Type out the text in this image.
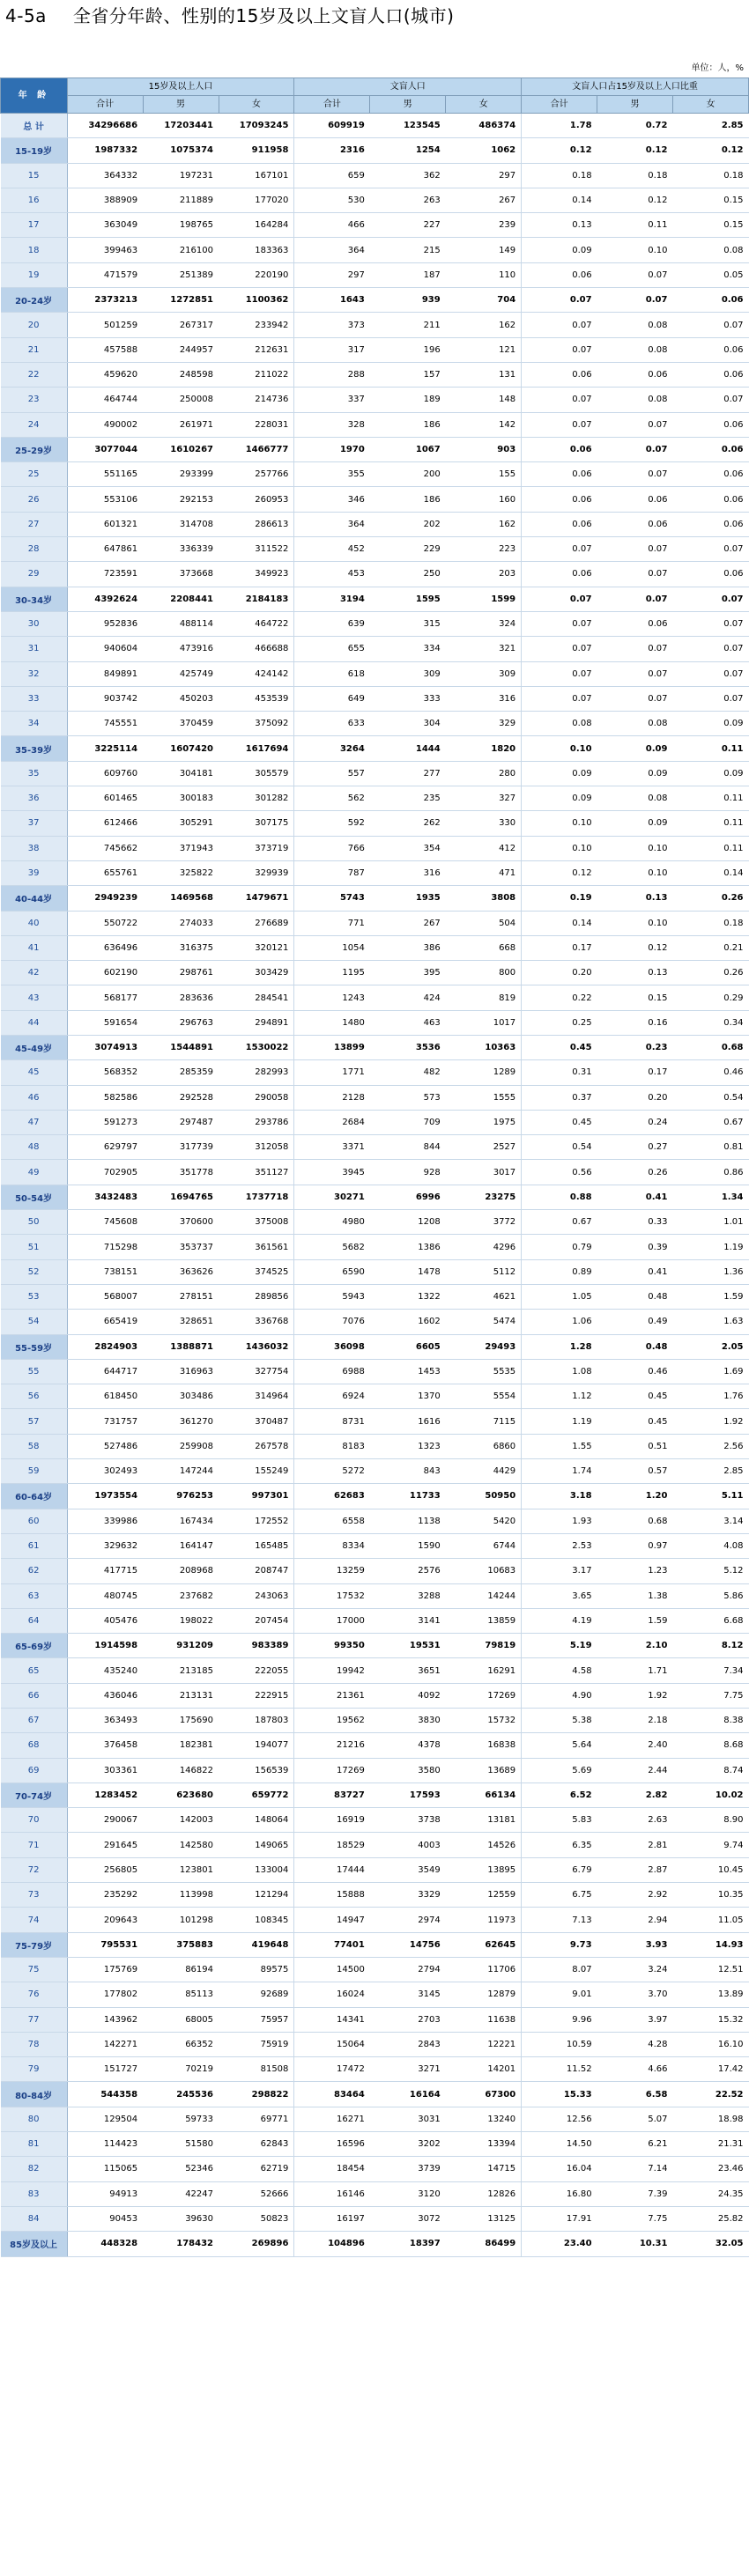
4-5a 全省分年龄、性别的15岁及以上文盲人口(城市)
单位：人，%
年 龄	15岁及以上人口			文盲人口			文盲人口占15岁及以上人口比重		
	合计	男	女	合计	男	女	合计	男	女
总 计	34296686	17203441	17093245	609919	123545	486374	1.78	0.72	2.85
15-19岁	1987332	1075374	911958	2316	1254	1062	0.12	0.12	0.12
15	364332	197231	167101	659	362	297	0.18	0.18	0.18
16	388909	211889	177020	530	263	267	0.14	0.12	0.15
17	363049	198765	164284	466	227	239	0.13	0.11	0.15
18	399463	216100	183363	364	215	149	0.09	0.10	0.08
19	471579	251389	220190	297	187	110	0.06	0.07	0.05
20-24岁	2373213	1272851	1100362	1643	939	704	0.07	0.07	0.06
20	501259	267317	233942	373	211	162	0.07	0.08	0.07
21	457588	244957	212631	317	196	121	0.07	0.08	0.06
22	459620	248598	211022	288	157	131	0.06	0.06	0.06
23	464744	250008	214736	337	189	148	0.07	0.08	0.07
24	490002	261971	228031	328	186	142	0.07	0.07	0.06
25-29岁	3077044	1610267	1466777	1970	1067	903	0.06	0.07	0.06
25	551165	293399	257766	355	200	155	0.06	0.07	0.06
26	553106	292153	260953	346	186	160	0.06	0.06	0.06
27	601321	314708	286613	364	202	162	0.06	0.06	0.06
28	647861	336339	311522	452	229	223	0.07	0.07	0.07
29	723591	373668	349923	453	250	203	0.06	0.07	0.06
30-34岁	4392624	2208441	2184183	3194	1595	1599	0.07	0.07	0.07
30	952836	488114	464722	639	315	324	0.07	0.06	0.07
31	940604	473916	466688	655	334	321	0.07	0.07	0.07
32	849891	425749	424142	618	309	309	0.07	0.07	0.07
33	903742	450203	453539	649	333	316	0.07	0.07	0.07
34	745551	370459	375092	633	304	329	0.08	0.08	0.09
35-39岁	3225114	1607420	1617694	3264	1444	1820	0.10	0.09	0.11
35	609760	304181	305579	557	277	280	0.09	0.09	0.09
36	601465	300183	301282	562	235	327	0.09	0.08	0.11
37	612466	305291	307175	592	262	330	0.10	0.09	0.11
38	745662	371943	373719	766	354	412	0.10	0.10	0.11
39	655761	325822	329939	787	316	471	0.12	0.10	0.14
40-44岁	2949239	1469568	1479671	5743	1935	3808	0.19	0.13	0.26
40	550722	274033	276689	771	267	504	0.14	0.10	0.18
41	636496	316375	320121	1054	386	668	0.17	0.12	0.21
42	602190	298761	303429	1195	395	800	0.20	0.13	0.26
43	568177	283636	284541	1243	424	819	0.22	0.15	0.29
44	591654	296763	294891	1480	463	1017	0.25	0.16	0.34
45-49岁	3074913	1544891	1530022	13899	3536	10363	0.45	0.23	0.68
45	568352	285359	282993	1771	482	1289	0.31	0.17	0.46
46	582586	292528	290058	2128	573	1555	0.37	0.20	0.54
47	591273	297487	293786	2684	709	1975	0.45	0.24	0.67
48	629797	317739	312058	3371	844	2527	0.54	0.27	0.81
49	702905	351778	351127	3945	928	3017	0.56	0.26	0.86
50-54岁	3432483	1694765	1737718	30271	6996	23275	0.88	0.41	1.34
50	745608	370600	375008	4980	1208	3772	0.67	0.33	1.01
51	715298	353737	361561	5682	1386	4296	0.79	0.39	1.19
52	738151	363626	374525	6590	1478	5112	0.89	0.41	1.36
53	568007	278151	289856	5943	1322	4621	1.05	0.48	1.59
54	665419	328651	336768	7076	1602	5474	1.06	0.49	1.63
55-59岁	2824903	1388871	1436032	36098	6605	29493	1.28	0.48	2.05
55	644717	316963	327754	6988	1453	5535	1.08	0.46	1.69
56	618450	303486	314964	6924	1370	5554	1.12	0.45	1.76
57	731757	361270	370487	8731	1616	7115	1.19	0.45	1.92
58	527486	259908	267578	8183	1323	6860	1.55	0.51	2.56
59	302493	147244	155249	5272	843	4429	1.74	0.57	2.85
60-64岁	1973554	976253	997301	62683	11733	50950	3.18	1.20	5.11
60	339986	167434	172552	6558	1138	5420	1.93	0.68	3.14
61	329632	164147	165485	8334	1590	6744	2.53	0.97	4.08
62	417715	208968	208747	13259	2576	10683	3.17	1.23	5.12
63	480745	237682	243063	17532	3288	14244	3.65	1.38	5.86
64	405476	198022	207454	17000	3141	13859	4.19	1.59	6.68
65-69岁	1914598	931209	983389	99350	19531	79819	5.19	2.10	8.12
65	435240	213185	222055	19942	3651	16291	4.58	1.71	7.34
66	436046	213131	222915	21361	4092	17269	4.90	1.92	7.75
67	363493	175690	187803	19562	3830	15732	5.38	2.18	8.38
68	376458	182381	194077	21216	4378	16838	5.64	2.40	8.68
69	303361	146822	156539	17269	3580	13689	5.69	2.44	8.74
70-74岁	1283452	623680	659772	83727	17593	66134	6.52	2.82	10.02
70	290067	142003	148064	16919	3738	13181	5.83	2.63	8.90
71	291645	142580	149065	18529	4003	14526	6.35	2.81	9.74
72	256805	123801	133004	17444	3549	13895	6.79	2.87	10.45
73	235292	113998	121294	15888	3329	12559	6.75	2.92	10.35
74	209643	101298	108345	14947	2974	11973	7.13	2.94	11.05
75-79岁	795531	375883	419648	77401	14756	62645	9.73	3.93	14.93
75	175769	86194	89575	14500	2794	11706	8.07	3.24	12.51
76	177802	85113	92689	16024	3145	12879	9.01	3.70	13.89
77	143962	68005	75957	14341	2703	11638	9.96	3.97	15.32
78	142271	66352	75919	15064	2843	12221	10.59	4.28	16.10
79	151727	70219	81508	17472	3271	14201	11.52	4.66	17.42
80-84岁	544358	245536	298822	83464	16164	67300	15.33	6.58	22.52
80	129504	59733	69771	16271	3031	13240	12.56	5.07	18.98
81	114423	51580	62843	16596	3202	13394	14.50	6.21	21.31
82	115065	52346	62719	18454	3739	14715	16.04	7.14	23.46
83	94913	42247	52666	16146	3120	12826	16.80	7.39	24.35
84	90453	39630	50823	16197	3072	13125	17.91	7.75	25.82
85岁及以上	448328	178432	269896	104896	18397	86499	23.40	10.31	32.05
